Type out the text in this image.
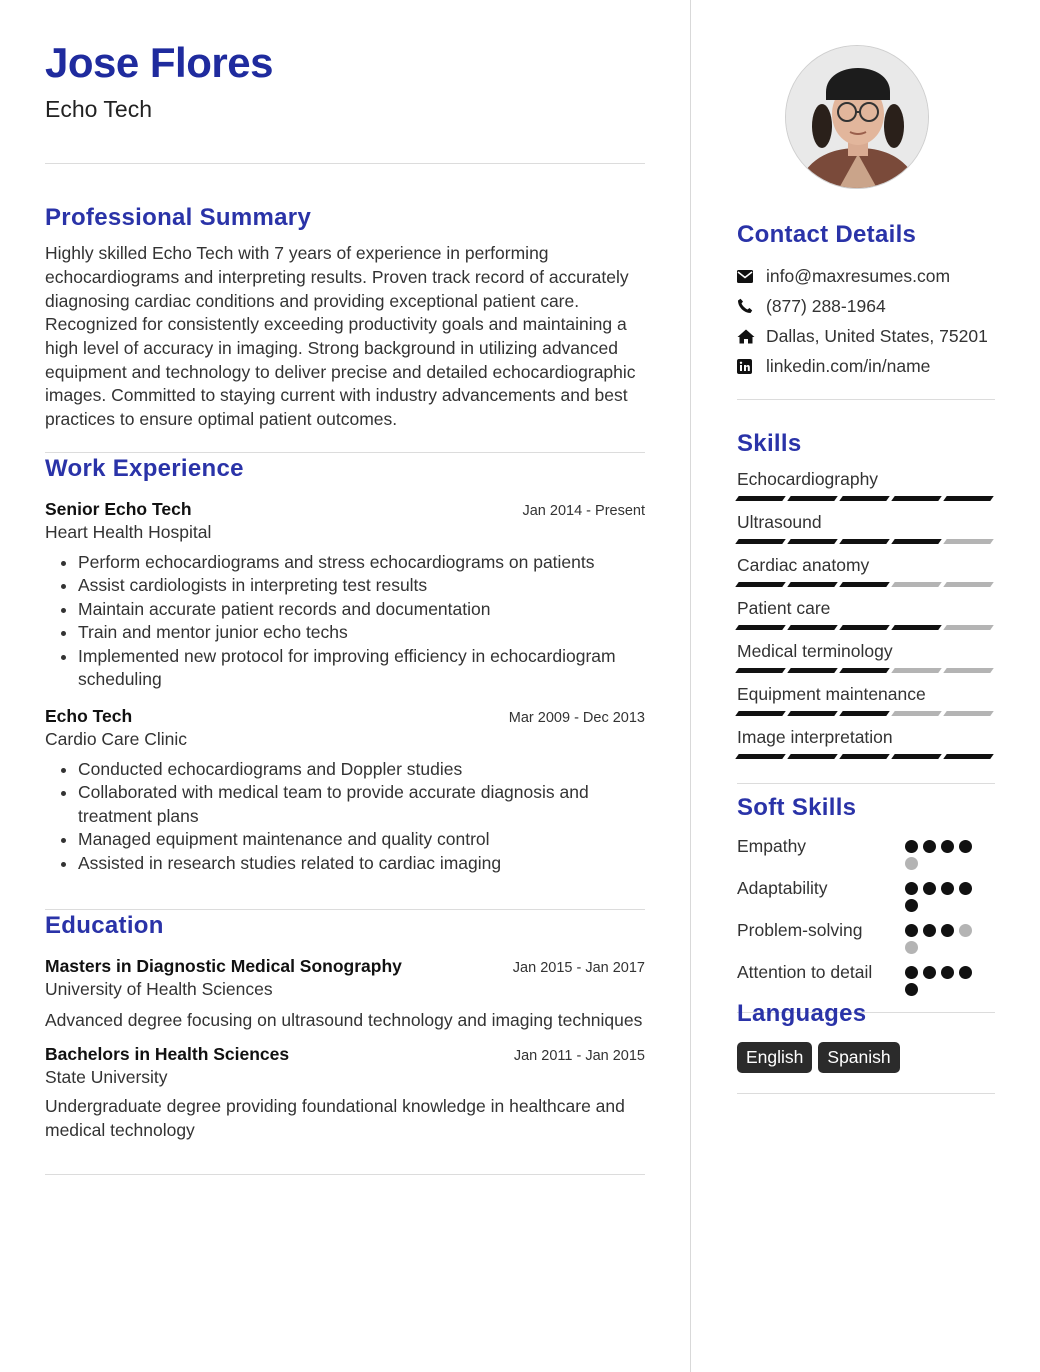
Jose Flores
Echo Tech
Professional Summary
Highly skilled Echo Tech with 7 years of experience in performing echocardiograms and interpreting results. Proven track record of accurately diagnosing cardiac conditions and providing exceptional patient care. Recognized for consistently exceeding productivity goals and maintaining a high level of accuracy in imaging. Strong background in utilizing advanced equipment and technology to deliver precise and detailed echocardiographic images. Committed to staying current with industry advancements and best practices to ensure optimal patient outcomes.
Work Experience
Senior Echo Tech	Jan 2014 - Present
Heart Health Hospital
• Perform echocardiograms and stress echocardiograms on patients
• Assist cardiologists in interpreting test results
• Maintain accurate patient records and documentation
• Train and mentor junior echo techs
• Implemented new protocol for improving efficiency in echocardiogram scheduling
Echo Tech	Mar 2009 - Dec 2013
Cardio Care Clinic
• Conducted echocardiograms and Doppler studies
• Collaborated with medical team to provide accurate diagnosis and treatment plans
• Managed equipment maintenance and quality control
• Assisted in research studies related to cardiac imaging
Education
Masters in Diagnostic Medical Sonography	Jan 2015 - Jan 2017
University of Health Sciences
Advanced degree focusing on ultrasound technology and imaging techniques
Bachelors in Health Sciences	Jan 2011 - Jan 2015
State University
Undergraduate degree providing foundational knowledge in healthcare and medical technology
Contact Details
info@maxresumes.com
(877) 288-1964
Dallas, United States, 75201
linkedin.com/in/name
Skills
Echocardiography
Ultrasound
Cardiac anatomy
Patient care
Medical terminology
Equipment maintenance
Image interpretation
Soft Skills
Empathy
Adaptability
Problem-solving
Attention to detail
Languages
English Spanish
